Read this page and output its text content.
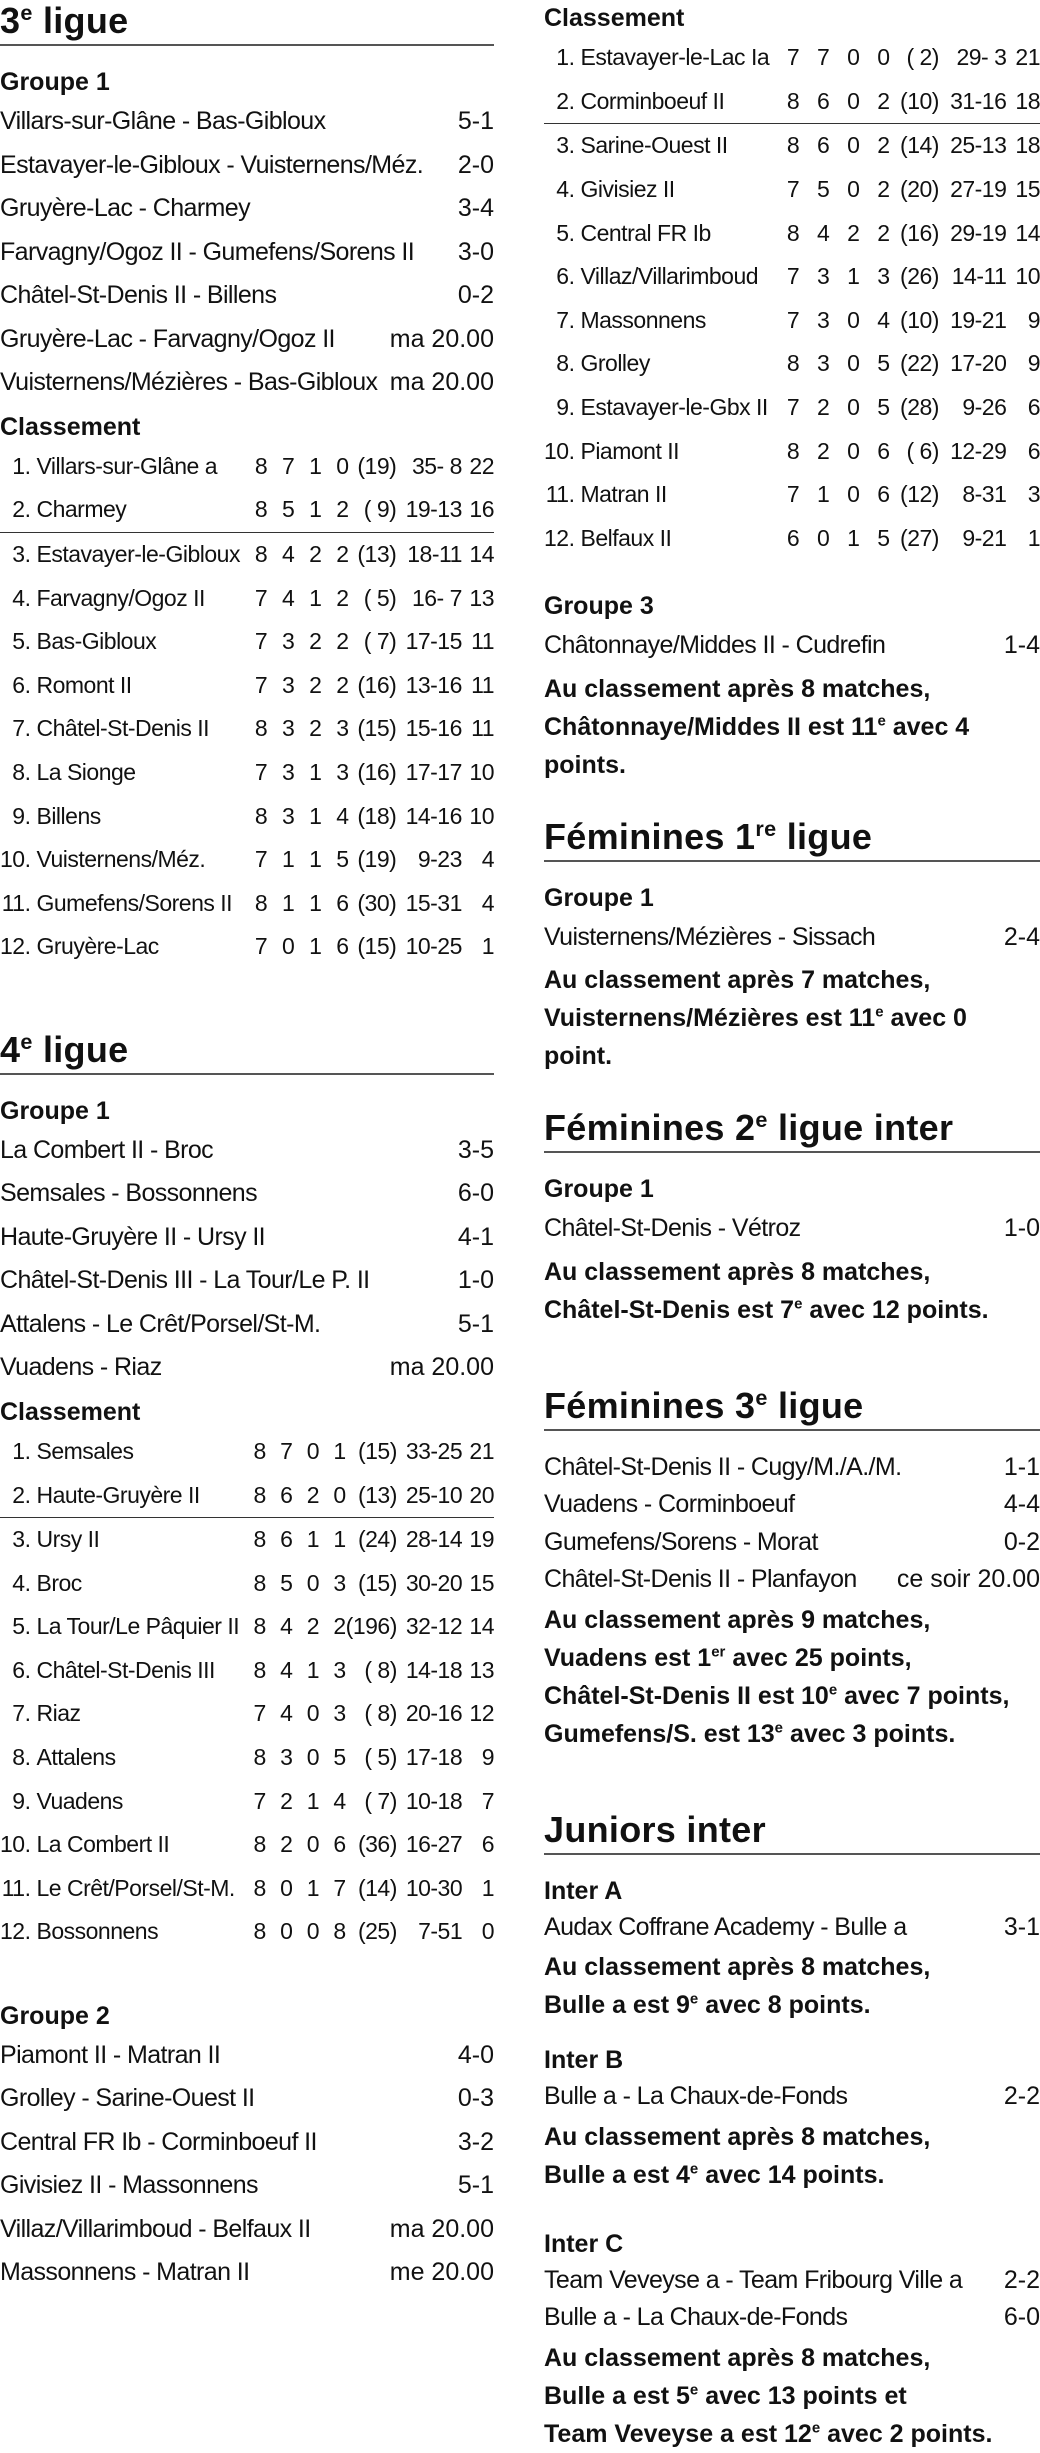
3e ligue
Groupe 1
Villars-sur-Glâne - Bas-Gibloux	5-1
Estavayer-le-Gibloux - Vuisternens/Méz. 2-0
Gruyère-Lac - Charmey	3-4
Farvagny/Ogoz II - Gumefens/Sorens II 3-0
Châtel-St-Denis II - Billens	0-2
Gruyère-Lac - Farvagny/Ogoz II ma 20.00
Vuisternens/Mézières - Bas-Gibloux ma 20.00
Classement
1.	Villars-sur-Glâne a	8	7	1	0	(19)	35- 8	22
2.	Charmey	8	5	1	2	( 9)	19-13	16
3.	Estavayer-le-Gibloux	8	4	2	2	(13)	18-11	14
4.	Farvagny/Ogoz II	7	4	1	2	( 5)	16- 7	13
5.	Bas-Gibloux	7	3	2	2	( 7)	17-15	11
6.	Romont II	7	3	2	2	(16)	13-16	11
7.	Châtel-St-Denis II	8	3	2	3	(15)	15-16	11
8.	La Sionge	7	3	1	3	(16)	17-17	10
9.	Billens	8	3	1	4	(18)	14-16	10
10.	Vuisternens/Méz.	7	1	1	5	(19)	9-23	4
11.	Gumefens/Sorens II	8	1	1	6	(30)	15-31	4
12.	Gruyère-Lac	7	0	1	6	(15)	10-25	1
4e ligue
Groupe 1
La Combert II - Broc	3-5
Semsales - Bossonnens	6-0
Haute-Gruyère II - Ursy II	4-1
Châtel-St-Denis III - La Tour/Le P. II	1-0
Attalens - Le Crêt/Porsel/St-M.	5-1
Vuadens - Riaz	ma 20.00
Classement
1.	Semsales	8	7	0	1	(15)	33-25	21
2.	Haute-Gruyère II	8	6	2	0	(13)	25-10	20
3.	Ursy II	8	6	1	1	(24)	28-14	19
4.	Broc	8	5	0	3	(15)	30-20	15
5.	La Tour/Le Pâquier II	8	4	2	2	(196)	32-12	14
6.	Châtel-St-Denis III	8	4	1	3	( 8)	14-18	13
7.	Riaz	7	4	0	3	( 8)	20-16	12
8.	Attalens	8	3	0	5	( 5)	17-18	9
9.	Vuadens	7	2	1	4	( 7)	10-18	7
10.	La Combert II	8	2	0	6	(36)	16-27	6
11.	Le Crêt/Porsel/St-M.	8	0	1	7	(14)	10-30	1
12.	Bossonnens	8	0	0	8	(25)	7-51	0
Groupe 2
Piamont II - Matran II	4-0
Grolley - Sarine-Ouest II	0-3
Central FR Ib - Corminboeuf II	3-2
Givisiez II - Massonnens	5-1
Villaz/Villarimboud - Belfaux II	ma 20.00
Massonnens - Matran II	me 20.00
Classement
1.	Estavayer-le-Lac Ia	7	7	0	0	( 2)	29- 3	21
2.	Corminboeuf II	8	6	0	2	(10)	31-16	18
3.	Sarine-Ouest II	8	6	0	2	(14)	25-13	18
4.	Givisiez II	7	5	0	2	(20)	27-19	15
5.	Central FR Ib	8	4	2	2	(16)	29-19	14
6.	Villaz/Villarimboud	7	3	1	3	(26)	14-11	10
7.	Massonnens	7	3	0	4	(10)	19-21	9
8.	Grolley	8	3	0	5	(22)	17-20	9
9.	Estavayer-le-Gbx II	7	2	0	5	(28)	9-26	6
10.	Piamont II	8	2	0	6	( 6)	12-29	6
11.	Matran II	7	1	0	6	(12)	8-31	3
12.	Belfaux II	6	0	1	5	(27)	9-21	1
Groupe 3
Châtonnaye/Middes II - Cudrefin	1-4

Au classement après 8 matches,
Châtonnaye/Middes II est 11e avec 4 points.

Féminines 1re ligue
Groupe 1
Vuisternens/Mézières - Sissach	2-4

Au classement après 7 matches,
Vuisternens/Mézières est 11e avec 0 point.

Féminines 2e ligue inter
Groupe 1
Châtel-St-Denis - Vétroz	1-0

Au classement après 8 matches,
Châtel-St-Denis est 7e avec 12 points.

Féminines 3e ligue
Châtel-St-Denis II - Cugy/M./A./M.	1-1
Vuadens - Corminboeuf	4-4
Gumefens/Sorens - Morat	0-2
Châtel-St-Denis II - Planfayon ce soir 20.00

Au classement après 9 matches,
Vuadens est 1er avec 25 points,
Châtel-St-Denis II est 10e avec 7 points,
Gumefens/S. est 13e avec 3 points.

Juniors inter
Inter A
Audax Coffrane Academy - Bulle a	3-1

Au classement après 8 matches,
Bulle a est 9e avec 8 points.

Inter B
Bulle a - La Chaux-de-Fonds	2-2

Au classement après 8 matches,
Bulle a est 4e avec 14 points.

Inter C
Team Veveyse a - Team Fribourg Ville a 2-2
Bulle a - La Chaux-de-Fonds	6-0

Au classement après 8 matches,
Bulle a est 5e avec 13 points et
Team Veveyse a est 12e avec 2 points.
